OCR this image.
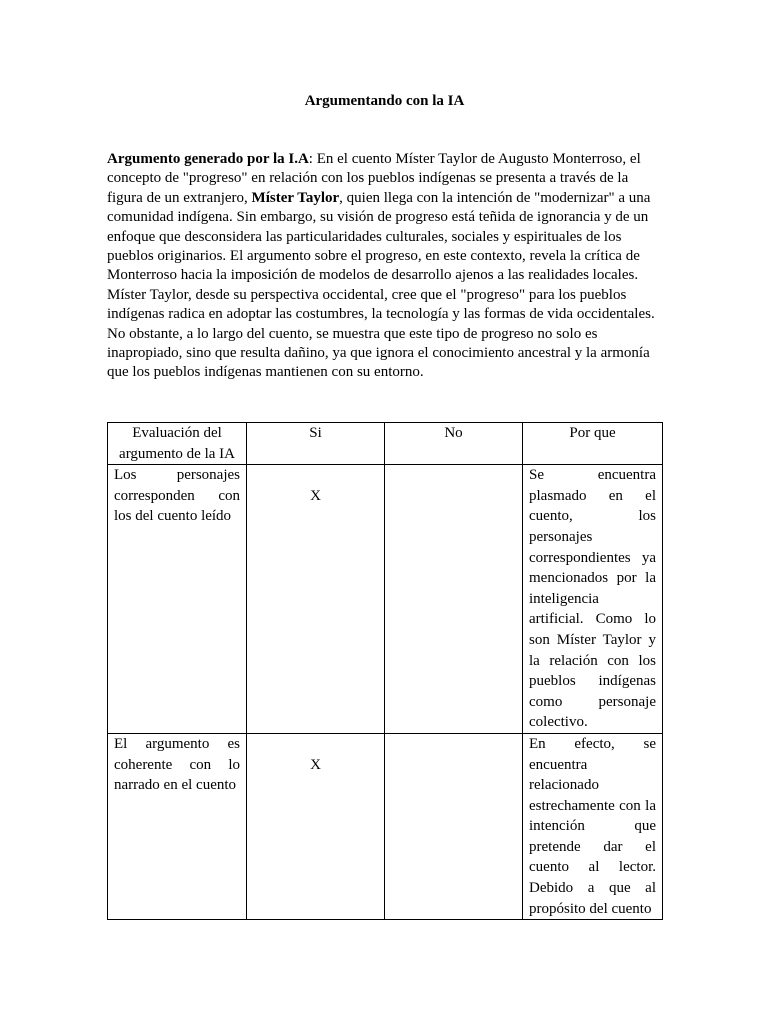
Argumentando con la IA

Argumento generado por la I.A: En el cuento Míster Taylor de Augusto Monterroso, el concepto de "progreso" en relación con los pueblos indígenas se presenta a través de la figura de un extranjero, Míster Taylor, quien llega con la intención de "modernizar" a una comunidad indígena. Sin embargo, su visión de progreso está teñida de ignorancia y de un enfoque que desconsidera las particularidades culturales, sociales y espirituales de los pueblos originarios. El argumento sobre el progreso, en este contexto, revela la crítica de Monterroso hacia la imposición de modelos de desarrollo ajenos a las realidades locales. Míster Taylor, desde su perspectiva occidental, cree que el "progreso" para los pueblos indígenas radica en adoptar las costumbres, la tecnología y las formas de vida occidentales. No obstante, a lo largo del cuento, se muestra que este tipo de progreso no solo es inapropiado, sino que resulta dañino, ya que ignora el conocimiento ancestral y la armonía que los pueblos indígenas mantienen con su entorno.

Evaluación del argumento de la IA	Si	No	Por que
Los personajes corresponden con los del cuento leído	X		Se encuentra plasmado en el cuento, los personajes correspondientes ya mencionados por la inteligencia artificial. Como lo son Míster Taylor y la relación con los pueblos indígenas como personaje colectivo.
El argumento es coherente con lo narrado en el cuento	X		En efecto, se encuentra relacionado estrechamente con la intención que pretende dar el cuento al lector. Debido a que al propósito del cuento
